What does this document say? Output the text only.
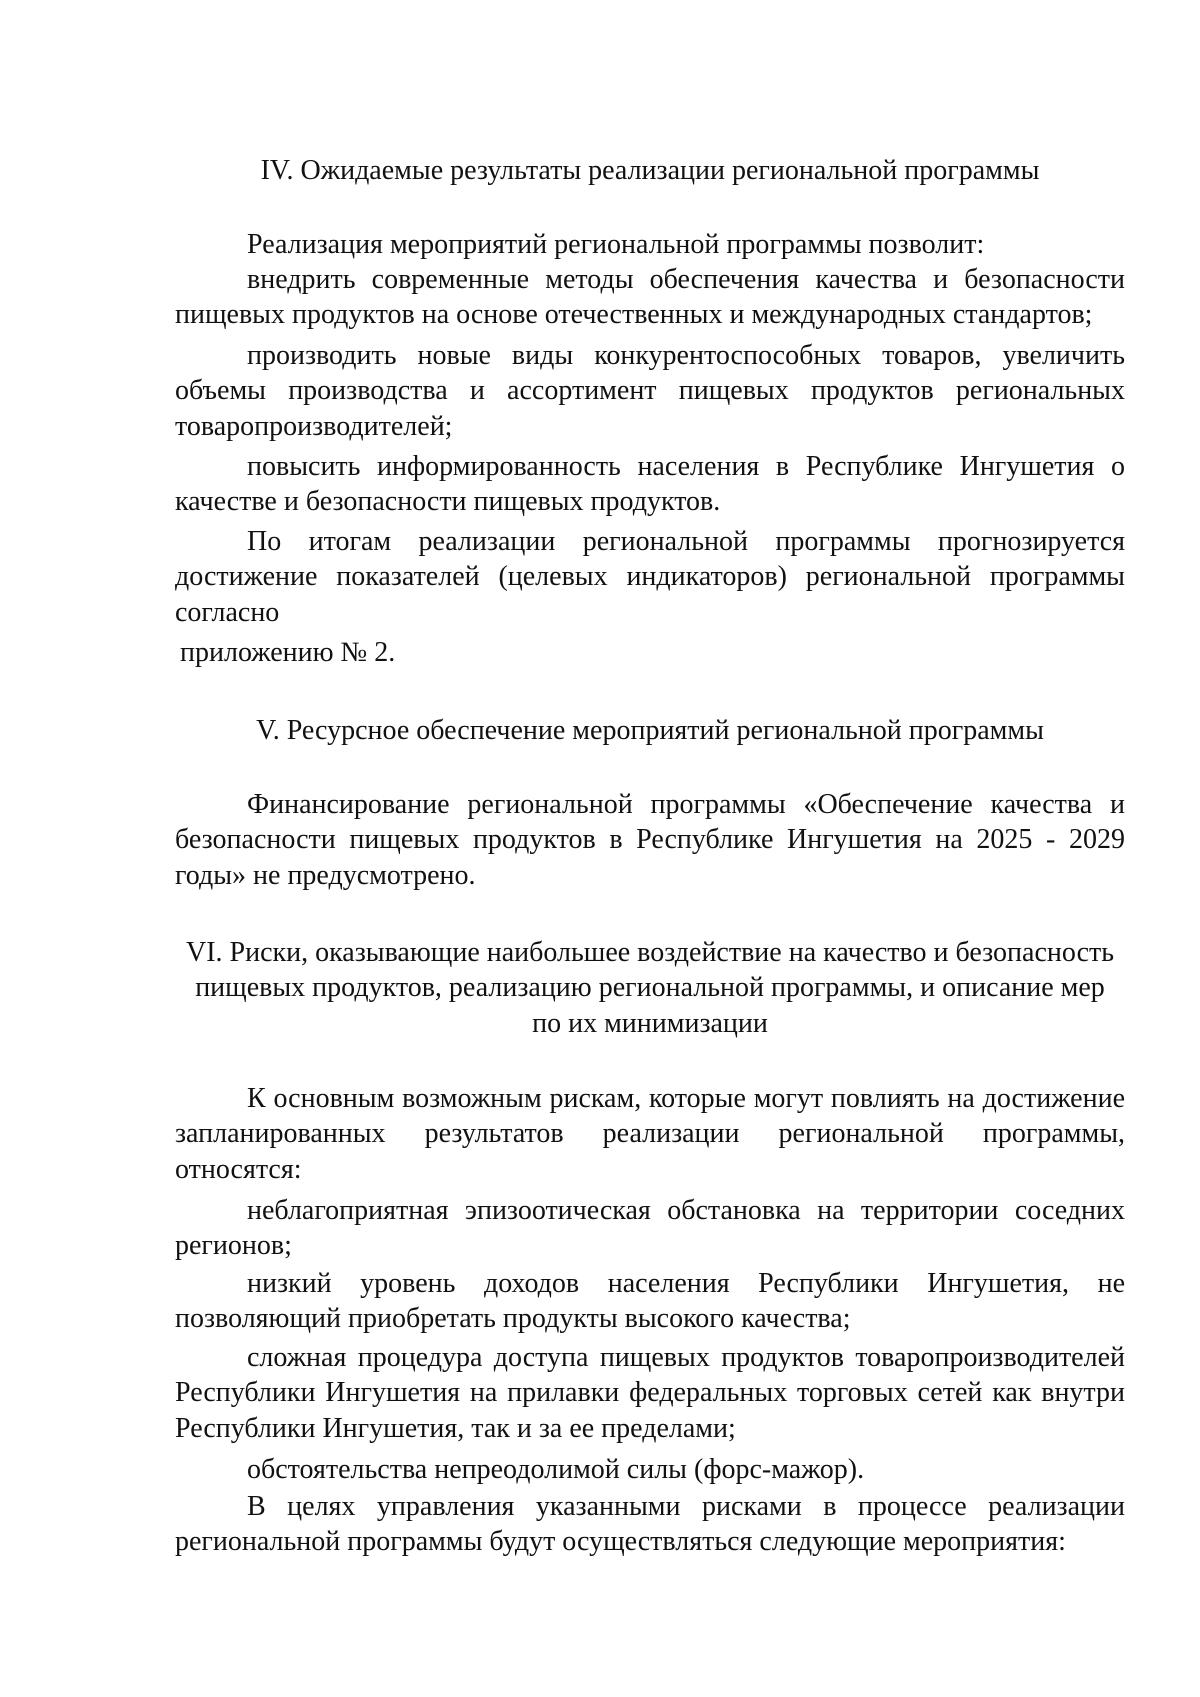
IV. Ожидаемые результаты реализации региональной программы

Реализация мероприятий региональной программы позволит:

внедрить современные методы обеспечения качества и безопасности пищевых продуктов на основе отечественных и международных стандартов;

производить новые виды конкурентоспособных товаров, увеличить объемы производства и ассортимент пищевых продуктов региональных товаропроизводителей;

повысить информированность населения в Республике Ингушетия о качестве и безопасности пищевых продуктов.

По итогам реализации региональной программы прогнозируется достижение показателей (целевых индикаторов) региональной программы согласно

приложению № 2.

V. Ресурсное обеспечение мероприятий региональной программы

Финансирование региональной программы «Обеспечение качества и безопасности пищевых продуктов в Республике Ингушетия на 2025 - 2029 годы» не предусмотрено.

VI. Риски, оказывающие наибольшее воздействие на качество и безопасность
пищевых продуктов, реализацию региональной программы, и описание мер
по их минимизации

К основным возможным рискам, которые могут повлиять на достижение запланированных результатов реализации региональной программы, относятся:

неблагоприятная эпизоотическая обстановка на территории соседних регионов;

низкий уровень доходов населения Республики Ингушетия, не позволяющий приобретать продукты высокого качества;

сложная процедура доступа пищевых продуктов товаропроизводителей Республики Ингушетия на прилавки федеральных торговых сетей как внутри Республики Ингушетия, так и за ее пределами;

обстоятельства непреодолимой силы (форс-мажор).

В целях управления указанными рисками в процессе реализации региональной программы будут осуществляться следующие мероприятия:
